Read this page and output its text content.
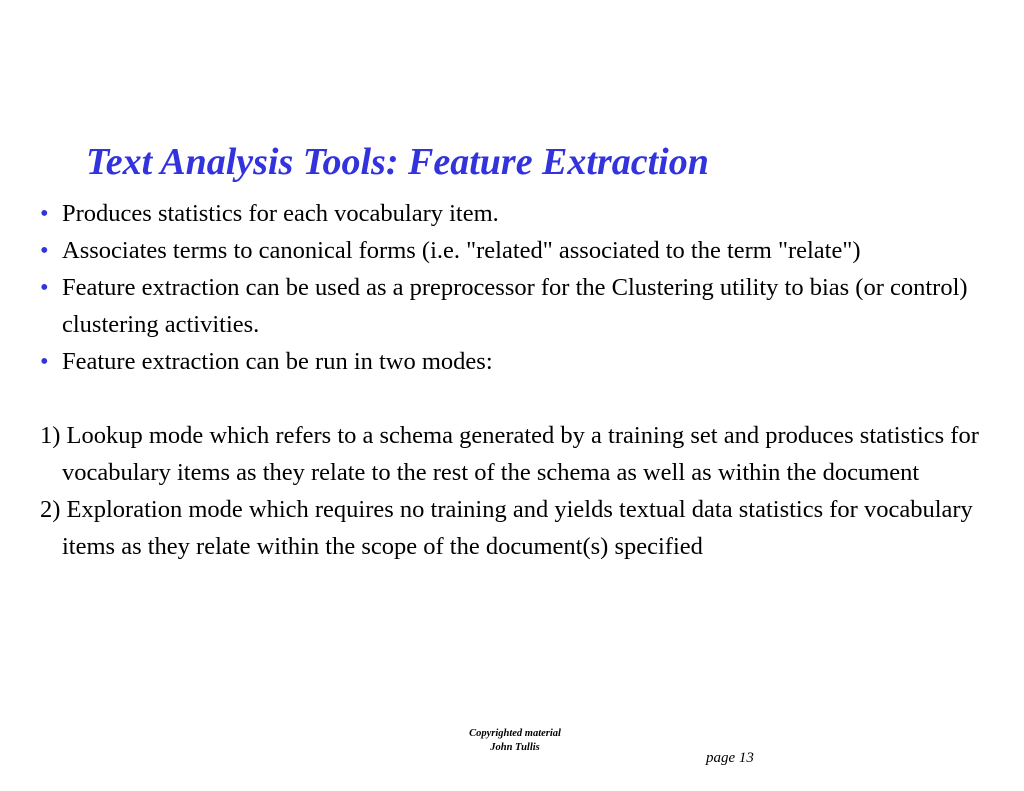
Text Analysis Tools: Feature Extraction
• Produces statistics for each vocabulary item.
• Associates terms to canonical forms (i.e. "related" associated to the term "relate")
• Feature extraction can be used as a preprocessor for the Clustering utility to bias (or control) clustering activities.
• Feature extraction can be run in two modes:
1) Lookup mode which refers to a schema generated by a training set and produces statistics for vocabulary items as they relate to the rest of the schema as well as within the document
2) Exploration mode which requires no training and yields textual data statistics for vocabulary items as they relate within the scope of the document(s) specified
Copyrighted material
John Tullis
page 13
